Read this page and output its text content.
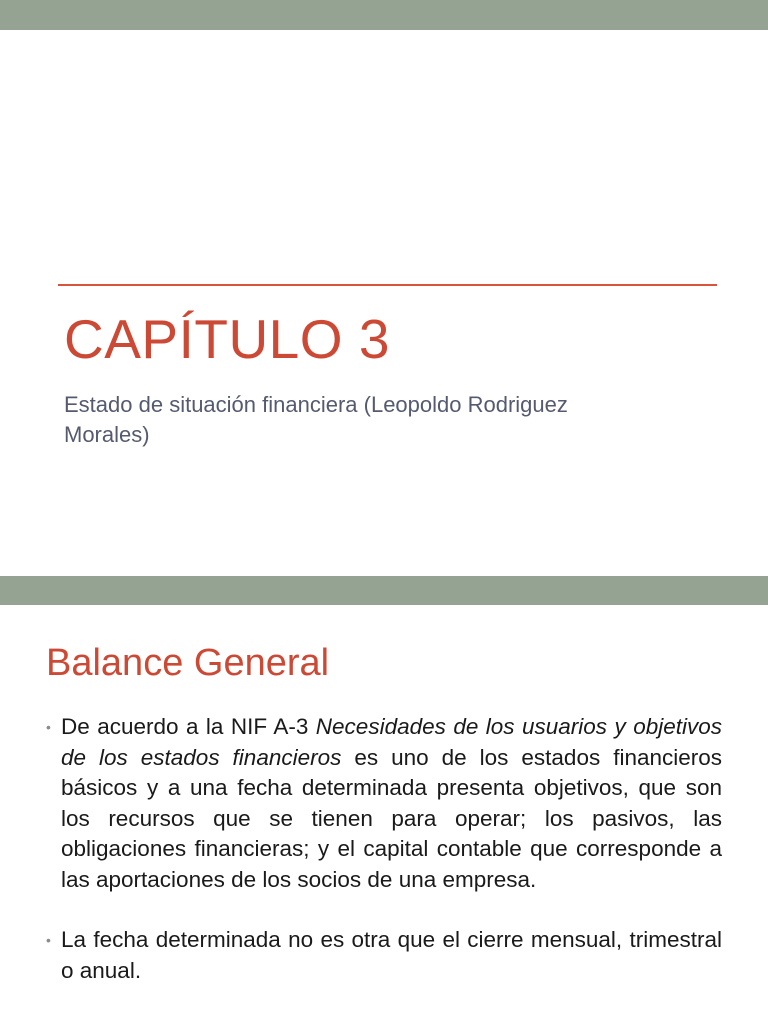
CAPÍTULO 3

Estado de situación financiera (Leopoldo Rodriguez Morales)

Balance General
• De acuerdo a la NIF A-3 Necesidades de los usuarios y objetivos de los estados financieros es uno de los estados financieros básicos y a una fecha determinada presenta objetivos, que son los recursos que se tienen para operar; los pasivos, las obligaciones financieras; y el capital contable que corresponde a las aportaciones de los socios de una empresa.
• La fecha determinada no es otra que el cierre mensual, trimestral o anual.
